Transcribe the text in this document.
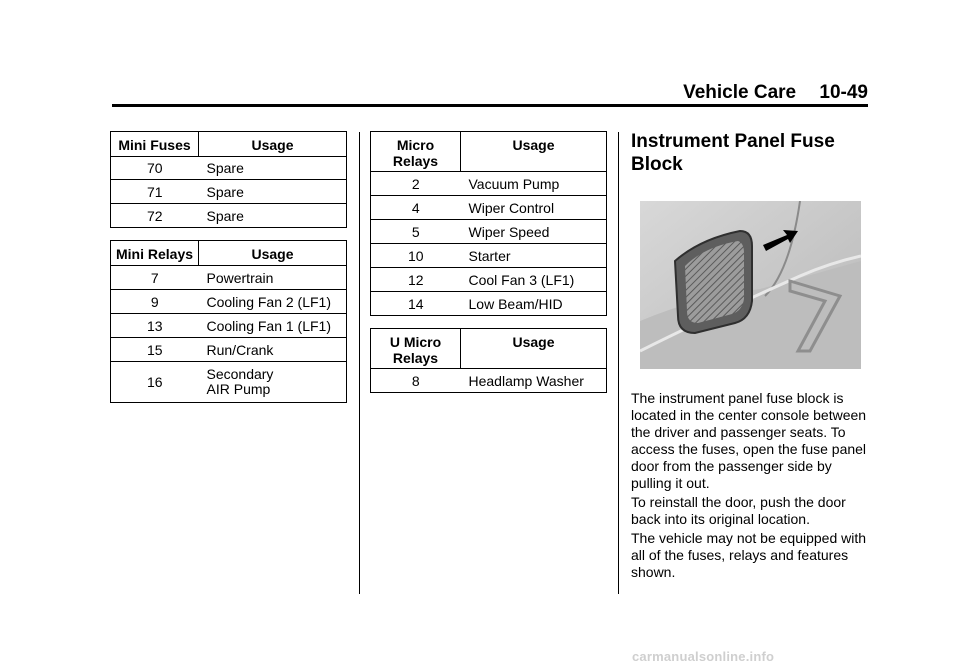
Vehicle Care 10-49
Mini Fuses	Usage
70	Spare
71	Spare
72	Spare
Mini Relays	Usage
7	Powertrain
9	Cooling Fan 2 (LF1)
13	Cooling Fan 1 (LF1)
15	Run/Crank
16	Secondary
AIR Pump
Micro
Relays	Usage
2	Vacuum Pump
4	Wiper Control
5	Wiper Speed
10	Starter
12	Cool Fan 3 (LF1)
14	Low Beam/HID
U Micro
Relays	Usage
8	Headlamp Washer
Instrument Panel Fuse Block

The instrument panel fuse block is located in the center console between the driver and passenger seats. To access the fuses, open the fuse panel door from the passenger side by pulling it out.

To reinstall the door, push the door back into its original location.

The vehicle may not be equipped with all of the fuses, relays and features shown.

carmanualsonline.info
